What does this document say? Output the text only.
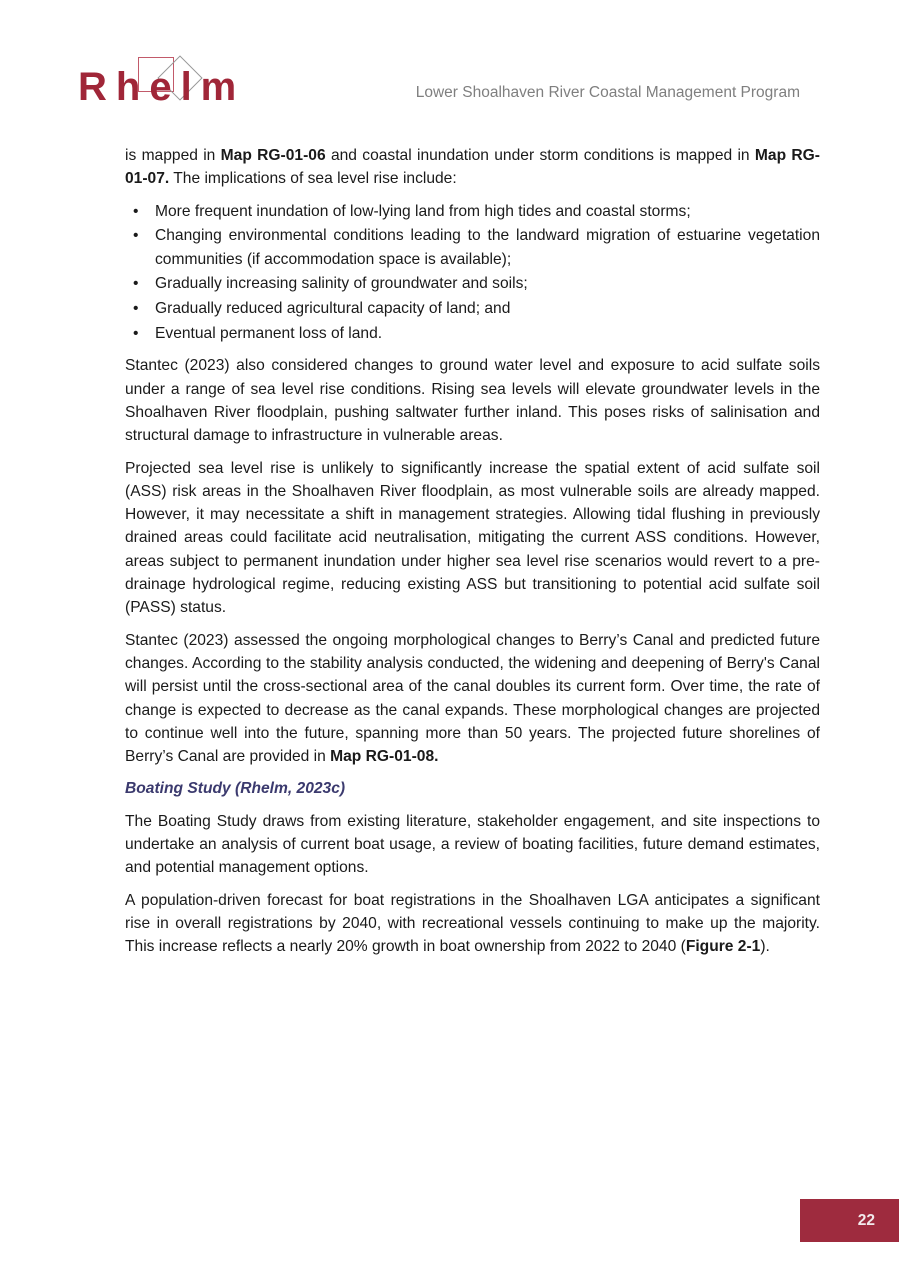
Rhelm	Lower Shoalhaven River Coastal Management Program

is mapped in Map RG-01-06 and coastal inundation under storm conditions is mapped in Map RG-01-07. The implications of sea level rise include:

• More frequent inundation of low-lying land from high tides and coastal storms;
• Changing environmental conditions leading to the landward migration of estuarine vegetation communities (if accommodation space is available);
• Gradually increasing salinity of groundwater and soils;
• Gradually reduced agricultural capacity of land; and
• Eventual permanent loss of land.

Stantec (2023) also considered changes to ground water level and exposure to acid sulfate soils under a range of sea level rise conditions. Rising sea levels will elevate groundwater levels in the Shoalhaven River floodplain, pushing saltwater further inland. This poses risks of salinisation and structural damage to infrastructure in vulnerable areas.

Projected sea level rise is unlikely to significantly increase the spatial extent of acid sulfate soil (ASS) risk areas in the Shoalhaven River floodplain, as most vulnerable soils are already mapped. However, it may necessitate a shift in management strategies. Allowing tidal flushing in previously drained areas could facilitate acid neutralisation, mitigating the current ASS conditions. However, areas subject to permanent inundation under higher sea level rise scenarios would revert to a pre-drainage hydrological regime, reducing existing ASS but transitioning to potential acid sulfate soil (PASS) status.

Stantec (2023) assessed the ongoing morphological changes to Berry’s Canal and predicted future changes. According to the stability analysis conducted, the widening and deepening of Berry's Canal will persist until the cross-sectional area of the canal doubles its current form. Over time, the rate of change is expected to decrease as the canal expands. These morphological changes are projected to continue well into the future, spanning more than 50 years. The projected future shorelines of Berry’s Canal are provided in Map RG-01-08.

Boating Study (Rhelm, 2023c)

The Boating Study draws from existing literature, stakeholder engagement, and site inspections to undertake an analysis of current boat usage, a review of boating facilities, future demand estimates, and potential management options.

A population-driven forecast for boat registrations in the Shoalhaven LGA anticipates a significant rise in overall registrations by 2040, with recreational vessels continuing to make up the majority. This increase reflects a nearly 20% growth in boat ownership from 2022 to 2040 (Figure 2-1).

22
